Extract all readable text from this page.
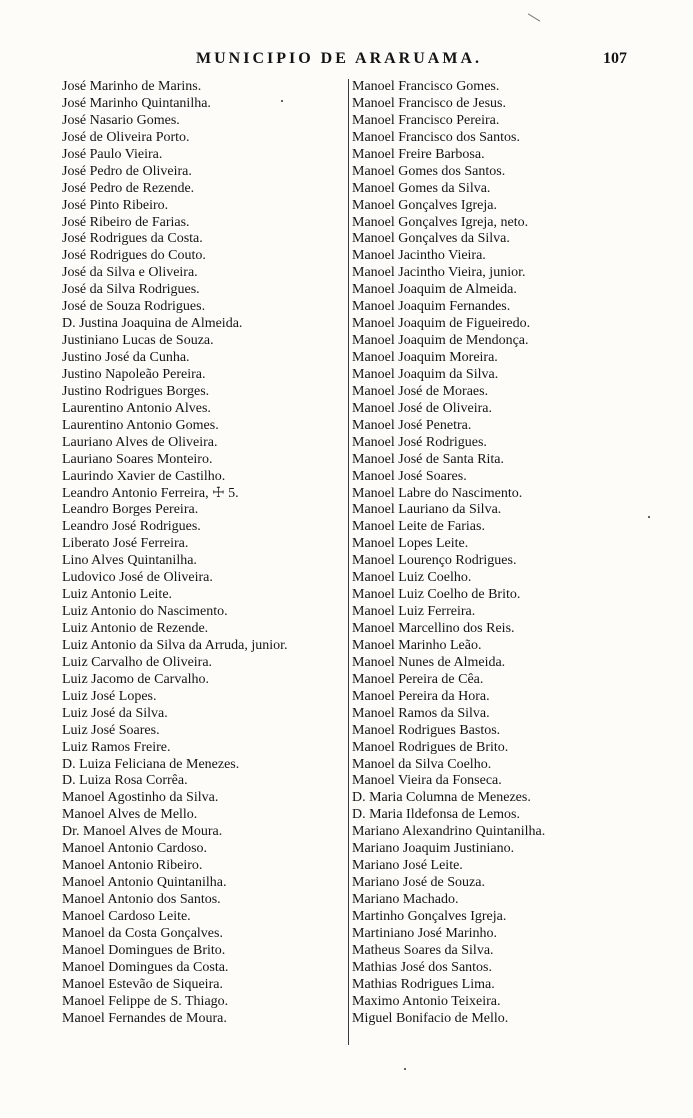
MUNICIPIO DE ARARUAMA.	107
José Marinho de Marins.
José Marinho Quintanilha.
José Nasario Gomes.
José de Oliveira Porto.
José Paulo Vieira.
José Pedro de Oliveira.
José Pedro de Rezende.
José Pinto Ribeiro.
José Ribeiro de Farias.
José Rodrigues da Costa.
José Rodrigues do Couto.
José da Silva e Oliveira.
José da Silva Rodrigues.
José de Souza Rodrigues.
D. Justina Joaquina de Almeida.
Justiniano Lucas de Souza.
Justino José da Cunha.
Justino Napoleão Pereira.
Justino Rodrigues Borges.
Laurentino Antonio Alves.
Laurentino Antonio Gomes.
Lauriano Alves de Oliveira.
Lauriano Soares Monteiro.
Laurindo Xavier de Castilho.
Leandro Antonio Ferreira, ☩ 5.
Leandro Borges Pereira.
Leandro José Rodrigues.
Liberato José Ferreira.
Lino Alves Quintanilha.
Ludovico José de Oliveira.
Luiz Antonio Leite.
Luiz Antonio do Nascimento.
Luiz Antonio de Rezende.
Luiz Antonio da Silva da Arruda, junior.
Luiz Carvalho de Oliveira.
Luiz Jacomo de Carvalho.
Luiz José Lopes.
Luiz José da Silva.
Luiz José Soares.
Luiz Ramos Freire.
D. Luiza Feliciana de Menezes.
D. Luiza Rosa Corrêa.
Manoel Agostinho da Silva.
Manoel Alves de Mello.
Dr. Manoel Alves de Moura.
Manoel Antonio Cardoso.
Manoel Antonio Ribeiro.
Manoel Antonio Quintanilha.
Manoel Antonio dos Santos.
Manoel Cardoso Leite.
Manoel da Costa Gonçalves.
Manoel Domingues de Brito.
Manoel Domingues da Costa.
Manoel Estevão de Siqueira.
Manoel Felippe de S. Thiago.
Manoel Fernandes de Moura.
Manoel Francisco Gomes.
Manoel Francisco de Jesus.
Manoel Francisco Pereira.
Manoel Francisco dos Santos.
Manoel Freire Barbosa.
Manoel Gomes dos Santos.
Manoel Gomes da Silva.
Manoel Gonçalves Igreja.
Manoel Gonçalves Igreja, neto.
Manoel Gonçalves da Silva.
Manoel Jacintho Vieira.
Manoel Jacintho Vieira, junior.
Manoel Joaquim de Almeida.
Manoel Joaquim Fernandes.
Manoel Joaquim de Figueiredo.
Manoel Joaquim de Mendonça.
Manoel Joaquim Moreira.
Manoel Joaquim da Silva.
Manoel José de Moraes.
Manoel José de Oliveira.
Manoel José Penetra.
Manoel José Rodrigues.
Manoel José de Santa Rita.
Manoel José Soares.
Manoel Labre do Nascimento.
Manoel Lauriano da Silva.
Manoel Leite de Farias.
Manoel Lopes Leite.
Manoel Lourenço Rodrigues.
Manoel Luiz Coelho.
Manoel Luiz Coelho de Brito.
Manoel Luiz Ferreira.
Manoel Marcellino dos Reis.
Manoel Marinho Leão.
Manoel Nunes de Almeida.
Manoel Pereira de Cêa.
Manoel Pereira da Hora.
Manoel Ramos da Silva.
Manoel Rodrigues Bastos.
Manoel Rodrigues de Brito.
Manoel da Silva Coelho.
Manoel Vieira da Fonseca.
D. Maria Columna de Menezes.
D. Maria Ildefonsa de Lemos.
Mariano Alexandrino Quintanilha.
Mariano Joaquim Justiniano.
Mariano José Leite.
Mariano José de Souza.
Mariano Machado.
Martinho Gonçalves Igreja.
Martiniano José Marinho.
Matheus Soares da Silva.
Mathias José dos Santos.
Mathias Rodrigues Lima.
Maximo Antonio Teixeira.
Miguel Bonifacio de Mello.
